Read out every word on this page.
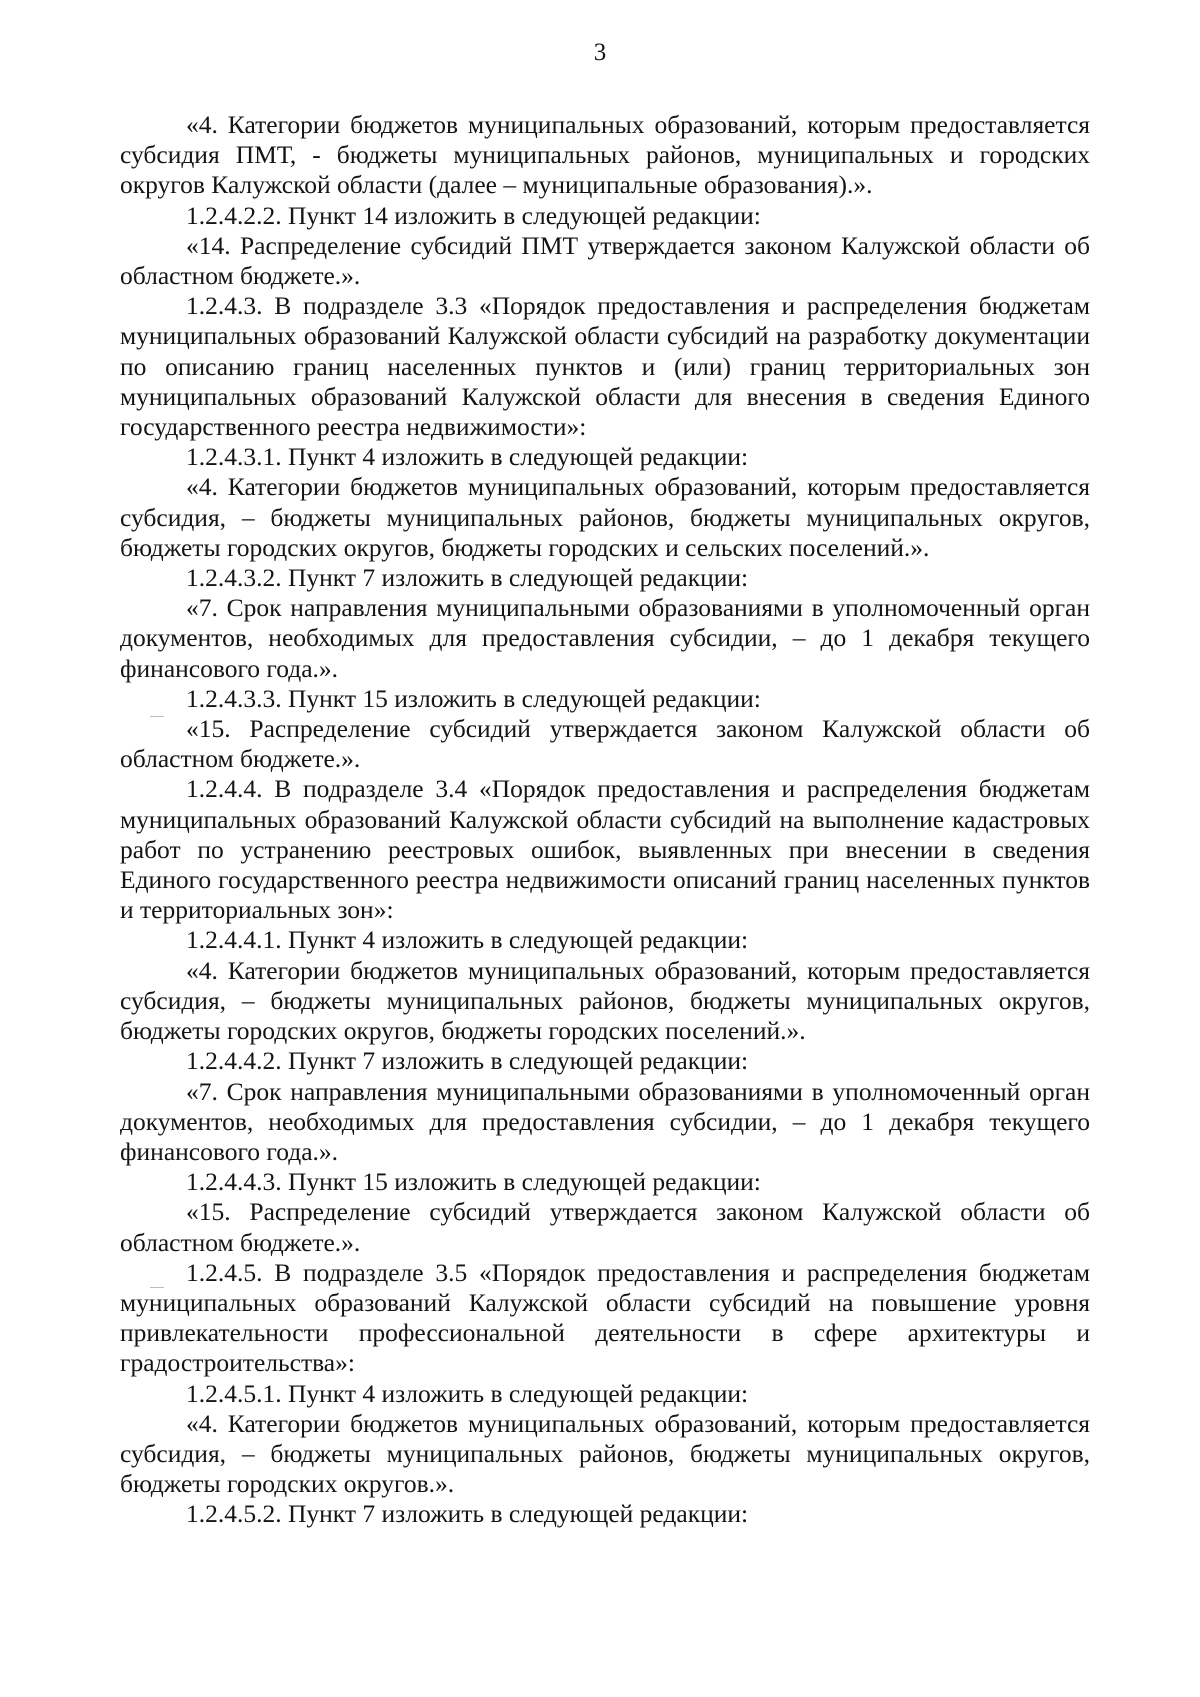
3

«4. Категории бюджетов муниципальных образований, которым предоставляется субсидия ПМТ, - бюджеты муниципальных районов, муниципальных и городских округов Калужской области (далее – муниципальные образования).».

1.2.4.2.2. Пункт 14 изложить в следующей редакции:

«14. Распределение субсидий ПМТ утверждается законом Калужской области об областном бюджете.».

1.2.4.3. В подразделе 3.3 «Порядок предоставления и распределения бюджетам муниципальных образований Калужской области субсидий на разработку документации по описанию границ населенных пунктов и (или) границ территориальных зон муниципальных образований Калужской области для внесения в сведения Единого государственного реестра недвижимости»:

1.2.4.3.1. Пункт 4 изложить в следующей редакции:

«4. Категории бюджетов муниципальных образований, которым предоставляется субсидия, – бюджеты муниципальных районов, бюджеты муниципальных округов, бюджеты городских округов, бюджеты городских и сельских поселений.».

1.2.4.3.2. Пункт 7 изложить в следующей редакции:

«7. Срок направления муниципальными образованиями в уполномоченный орган документов, необходимых для предоставления субсидии, – до 1 декабря текущего финансового года.».

1.2.4.3.3. Пункт 15 изложить в следующей редакции:

«15. Распределение субсидий утверждается законом Калужской области об областном бюджете.».

1.2.4.4. В подразделе 3.4 «Порядок предоставления и распределения бюджетам муниципальных образований Калужской области субсидий на выполнение кадастровых работ по устранению реестровых ошибок, выявленных при внесении в сведения Единого государственного реестра недвижимости описаний границ населенных пунктов и территориальных зон»:

1.2.4.4.1. Пункт 4 изложить в следующей редакции:

«4. Категории бюджетов муниципальных образований, которым предоставляется субсидия, – бюджеты муниципальных районов, бюджеты муниципальных округов, бюджеты городских округов, бюджеты городских поселений.».

1.2.4.4.2. Пункт 7 изложить в следующей редакции:

«7. Срок направления муниципальными образованиями в уполномоченный орган документов, необходимых для предоставления субсидии, – до 1 декабря текущего финансового года.».

1.2.4.4.3. Пункт 15 изложить в следующей редакции:

«15. Распределение субсидий утверждается законом Калужской области об областном бюджете.».

1.2.4.5. В подразделе 3.5 «Порядок предоставления и распределения бюджетам муниципальных образований Калужской области субсидий на повышение уровня привлекательности профессиональной деятельности в сфере архитектуры и градостроительства»:

1.2.4.5.1. Пункт 4 изложить в следующей редакции:

«4. Категории бюджетов муниципальных образований, которым предоставляется субсидия, – бюджеты муниципальных районов, бюджеты муниципальных округов, бюджеты городских округов.».

1.2.4.5.2. Пункт 7 изложить в следующей редакции:
